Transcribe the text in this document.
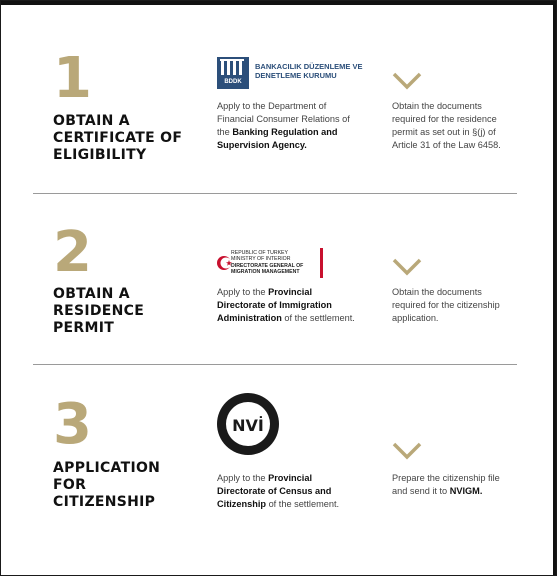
1
OBTAIN A
CERTIFICATE OF
ELIGIBILITY
BDDK
BANKACILIK DÜZENLEME VE
DENETLEME KURUMU
Apply to the Department of Financial Consumer Relations of the Banking Regulation and Supervision Agency.
Obtain the documents required for the residence permit as set out in §(j) of Article 31 of the Law 6458.
2
OBTAIN A
RESIDENCE
PERMIT
REPUBLIC OF TURKEY
MINISTRY OF INTERIOR
DIRECTORATE GENERAL OF
MIGRATION MANAGEMENT
Apply to the Provincial Directorate of Immigration Administration of the settlement.
Obtain the documents required for the citizenship application.
3
APPLICATION
FOR
CITIZENSHIP
NVİ
Apply to the Provincial Directorate of Census and Citizenship of the settlement.
Prepare the citizenship file and send it to NVIGM.
